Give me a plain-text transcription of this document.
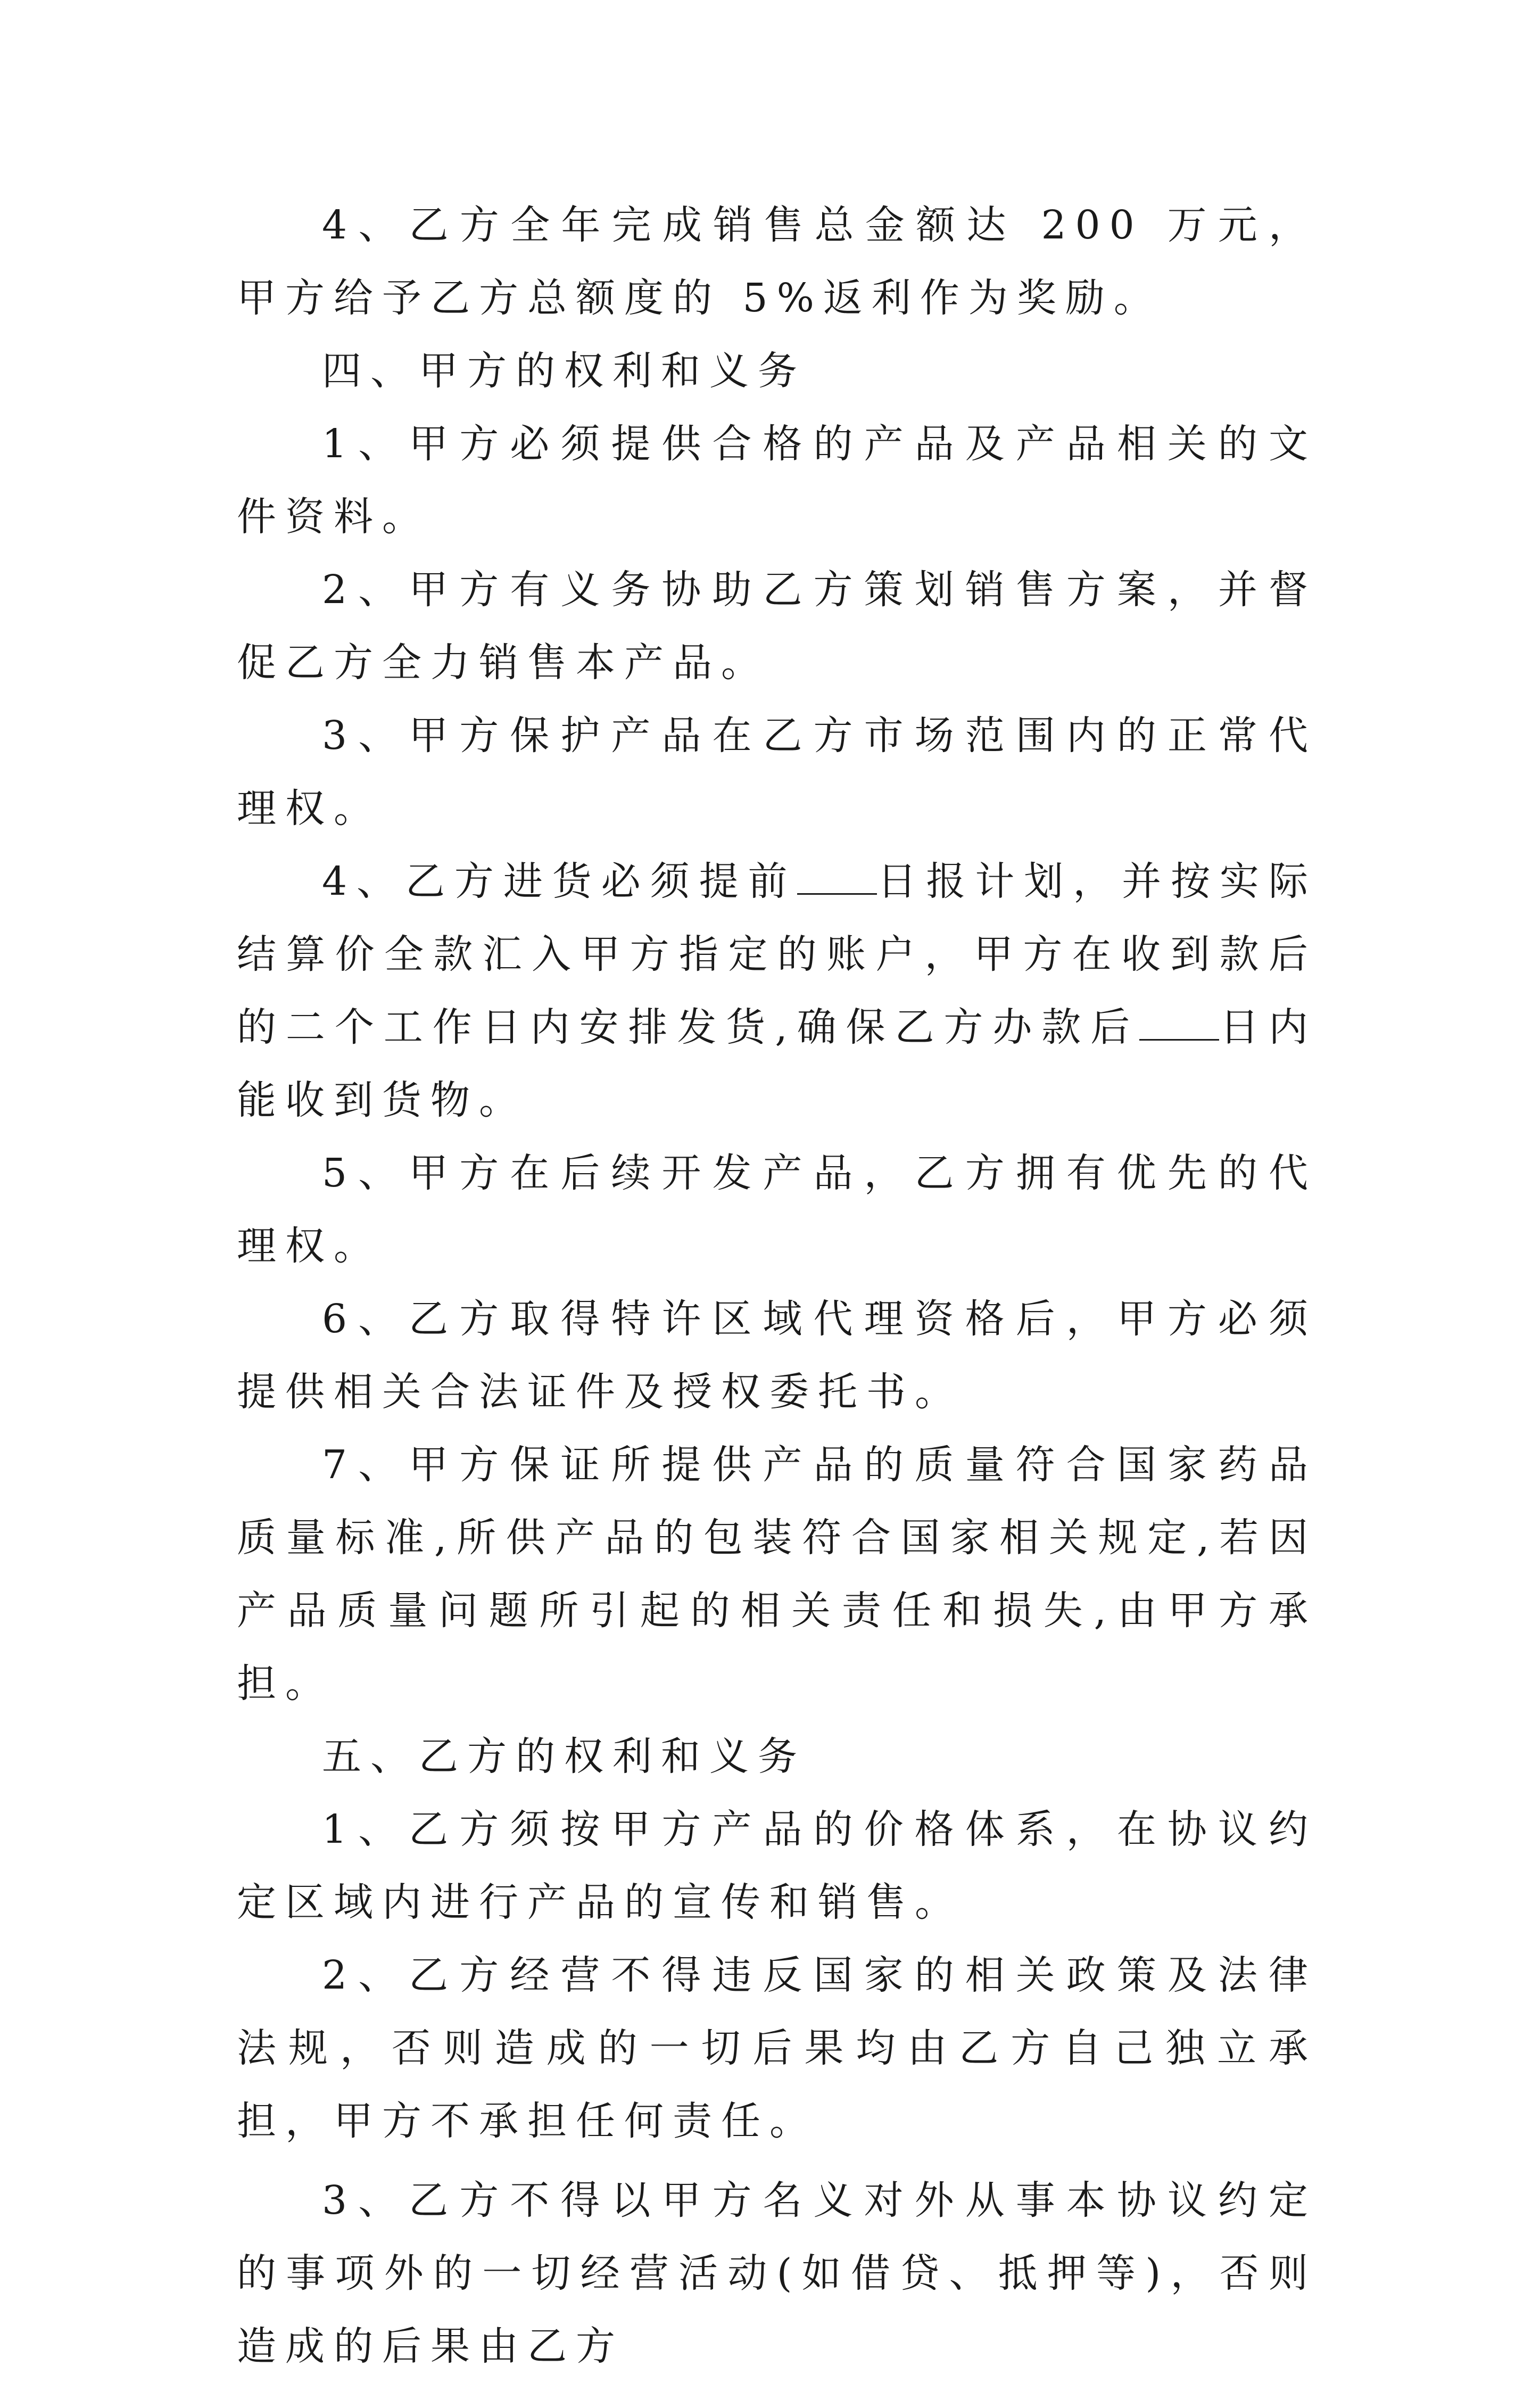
4、乙方全年完成销售总金额达 200 万元，甲方给予乙方总额度的 5%返利作为奖励。

四、甲方的权利和义务

1、甲方必须提供合格的产品及产品相关的文件资料。

2、甲方有义务协助乙方策划销售方案，并督促乙方全力销售本产品。

3、甲方保护产品在乙方市场范围内的正常代理权。

4、乙方进货必须提前 日报计划，并按实际结算价全款汇入甲方指定的账户，甲方在收到款后的二个工作日内安排发货,确保乙方办款后 日内能收到货物。

5、甲方在后续开发产品，乙方拥有优先的代理权。

6、乙方取得特许区域代理资格后，甲方必须提供相关合法证件及授权委托书。

7、甲方保证所提供产品的质量符合国家药品质量标准,所供产品的包装符合国家相关规定,若因产品质量问题所引起的相关责任和损失,由甲方承担。

五、乙方的权利和义务

1、乙方须按甲方产品的价格体系，在协议约定区域内进行产品的宣传和销售。

2、乙方经营不得违反国家的相关政策及法律法规，否则造成的一切后果均由乙方自己独立承担，甲方不承担任何责任。

3、乙方不得以甲方名义对外从事本协议约定的事项外的一切经营活动(如借贷、抵押等)，否则造成的后果由乙方
